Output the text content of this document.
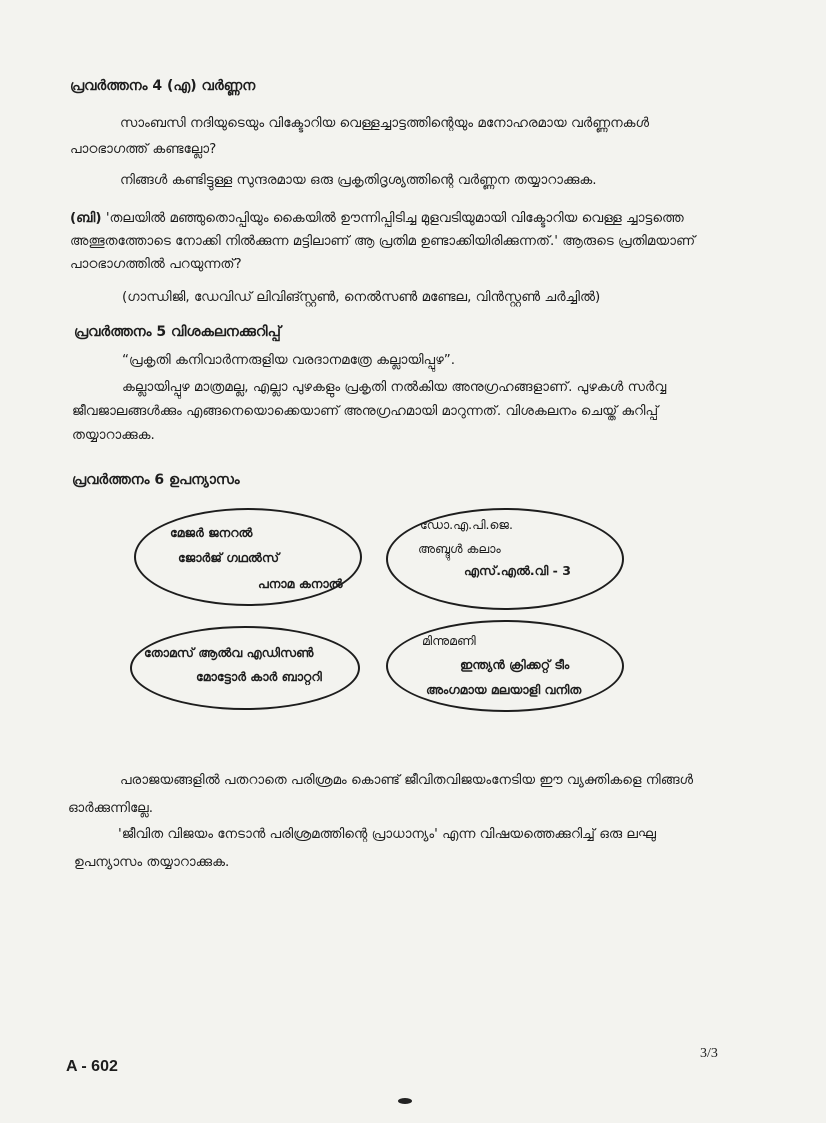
പ്രവർത്തനം 4 (എ) വർണ്ണന

സാംബസി നദിയുടെയും വിക്ടോറിയ വെള്ളച്ചാട്ടത്തിന്റെയും മനോഹരമായ വർണ്ണനകൾ പാഠഭാഗത്ത് കണ്ടല്ലോ?

നിങ്ങൾ കണ്ടിട്ടുള്ള സുന്ദരമായ ഒരു പ്രകൃതിദൃശ്യത്തിന്റെ വർണ്ണന തയ്യാറാക്കുക.

(ബി) 'തലയിൽ മഞ്ഞുതൊപ്പിയും കൈയിൽ ഊന്നിപ്പിടിച്ച മുളവടിയുമായി വിക്ടോറിയ വെള്ള ച്ചാട്ടത്തെ അത്ഭുതത്തോടെ നോക്കി നിൽക്കുന്ന മട്ടിലാണ് ആ പ്രതിമ ഉണ്ടാക്കിയിരിക്കുന്നത്.' ആരുടെ പ്രതിമയാണ് പാഠഭാഗത്തിൽ പറയുന്നത്?

(ഗാന്ധിജി, ഡേവിഡ് ലിവിങ്സ്റ്റൺ, നെൽസൺ മണ്ടേല, വിൻസ്റ്റൺ ചർച്ചിൽ)

പ്രവർത്തനം 5 വിശകലനക്കുറിപ്പ്

“പ്രകൃതി കനിവാർന്നരുളിയ വരദാനമത്രേ കല്ലായിപ്പുഴ”.

കല്ലായിപ്പുഴ മാത്രമല്ല, എല്ലാ പുഴകളും പ്രകൃതി നൽകിയ അനുഗ്രഹങ്ങളാണ്. പുഴകൾ സർവ്വ ജീവജാലങ്ങൾക്കും എങ്ങനെയൊക്കെയാണ് അനുഗ്രഹമായി മാറുന്നത്. വിശകലനം ചെയ്ത് കുറിപ്പ് തയ്യാറാക്കുക.

പ്രവർത്തനം 6 ഉപന്യാസം

മേജർ ജനറൽ
ജോർജ് ഗഥൽസ്
പനാമ കനാൽ
ഡോ.എ.പി.ജെ.
അബ്ദുൾ കലാം
എസ്.എൽ.വി - 3
തോമസ് ആൽവ എഡിസൺ
മോട്ടോർ കാർ ബാറ്ററി
മിന്നുമണി
ഇന്ത്യൻ ക്രിക്കറ്റ് ടീം
അംഗമായ മലയാളി വനിത

പരാജയങ്ങളിൽ പതറാതെ പരിശ്രമം കൊണ്ട് ജീവിതവിജയംനേടിയ ഈ വ്യക്തികളെ നിങ്ങൾ ഓർക്കുന്നില്ലേ.

'ജീവിത വിജയം നേടാൻ പരിശ്രമത്തിന്റെ പ്രാധാന്യം' എന്ന വിഷയത്തെക്കുറിച്ച് ഒരു ലഘു ഉപന്യാസം തയ്യാറാക്കുക.

A - 602
3/3
